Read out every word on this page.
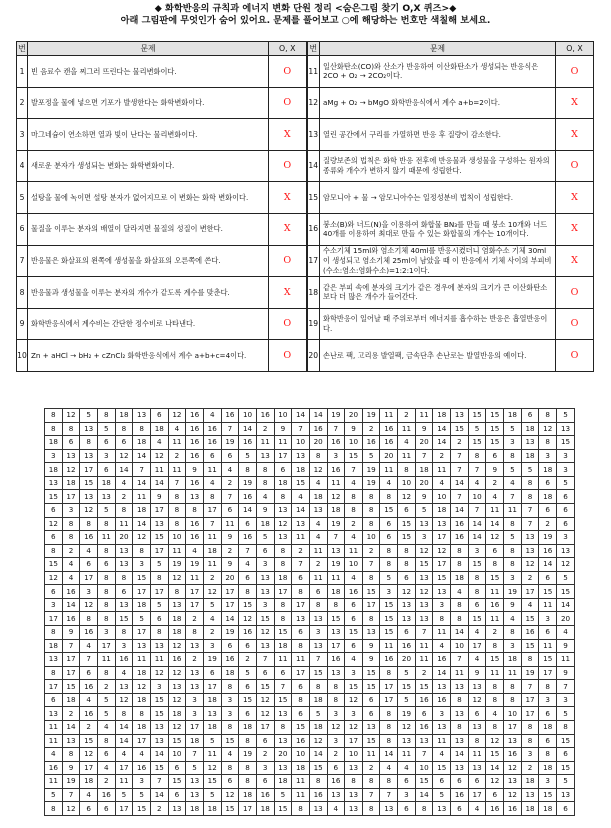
◆ 화학반응의 규칙과 에너지 변화 단원 정리 <숨은그림 찾기 O,X 퀴즈>◆
아래 그림판에 무엇인가 숨어 있어요. 문제를 풀어보고 ○에 해당하는 번호만 색칠해 보세요.
번	문제	O, X	번	문제	O, X
1	빈 음료수 캔을 찌그러 뜨린다는 물리변화이다.	O	11	일산화탄소(CO)와 산소가 반응하여 이산화탄소가 생성되는 반응식은 2CO + O₂ → 2CO₂이다.	O
2	발포정을 물에 넣으면 기포가 발생한다는 화학변화이다.	O	12	aMg + O₂ → bMgO 화학반응식에서 계수 a+b=2이다.	X
3	마그네슘이 연소하면 열과 빛이 난다는 물리변화이다.	X	13	열린 공간에서 구리를 가열하면 반응 후 질량이 감소한다.	X
4	새로운 분자가 생성되는 변화는 화학변화이다.	O	14	질량보존의 법칙은 화학 반응 전후에 반응물과 생성물을 구성하는 원자의 종류와 개수가 변하지 않기 때문에 성립한다.	O
5	설탕을 물에 녹이면 설탕 분자가 없어지므로 이 변화는 화학 변화이다.	X	15	암모니아 + 물 → 암모니아수는 일정성분비 법칙이 성립한다.	X
6	물질을 이루는 분자의 배열이 달라지면 물질의 성질이 변한다.	X	16	붕소(B)와 너드(N)을 이용하여 화합물 BN₃를 만들 때 붕소 10개와 너드 40개를 이용하여 최대로 만들 수 있는 화합물의 개수는 10개이다.	X
7	반응물은 화살표의 왼쪽에 생성물을 화살표의 오른쪽에 쓴다.	O	17	수소기체 15ml와 염소기체 40ml를 반응시켰더니 염화수소 기체 30ml이 생성되고 염소기체 25ml이 남았을 때 이 반응에서 기체 사이의 부피비(수소:염소:염화수소)=1:2:1이다.	X
8	반응물과 생성물을 이루는 분자의 개수가 같도록 계수를 맞춘다.	X	18	같은 부피 속에 분자의 크기가 같은 경우에 분자의 크기가 큰 이산화탄소보다 더 많은 개수가 들어간다.	O
9	화학반응식에서 계수비는 간단한 정수비로 나타낸다.	O	19	화학반응이 일어날 때 주위로부터 에너지를 흡수하는 반응은 흡열반응이다.	O
10	Zn + aHCl → bH₂ + cZnCl₂ 화학반응식에서 계수 a+b+c=4이다.	O	20	손난로 팩, 고리용 발열팩, 금속단추 손난로는 발열반응의 예이다.	O
8	12	5	8	18	13	6	12	16	4	16	10	16	10	14	14	19	20	19	11	2	11	18	13	15	15	18	6	8	5
8	8	13	5	8	8	18	4	16	16	7	14	2	9	7	16	7	9	2	16	11	9	14	15	5	15	5	18	12	13
18	6	8	6	6	18	4	11	16	16	19	16	11	11	10	20	16	10	16	16	4	20	14	2	15	15	3	13	8	15
3	13	13	3	12	14	12	2	16	6	6	5	13	17	13	8	3	15	5	20	11	7	2	7	8	6	8	18	3	3
18	12	17	6	14	7	11	11	9	11	4	8	8	6	18	12	16	7	19	11	8	18	11	7	7	9	5	5	18	3
13	18	15	18	4	14	14	7	16	4	2	19	8	18	15	4	11	4	19	4	10	20	4	14	4	2	4	8	6	5
15	17	13	13	2	11	9	8	13	8	7	16	4	8	4	18	12	8	8	8	12	9	10	7	10	4	7	8	18	6
6	3	12	5	8	18	17	8	8	17	6	14	9	13	14	13	18	8	8	15	6	5	18	14	7	11	11	7	6	6
12	8	8	8	11	14	13	8	16	7	11	6	18	12	13	4	19	2	8	6	15	13	13	16	14	14	8	7	2	6
6	8	16	11	20	12	15	10	16	11	9	16	5	13	11	4	7	4	10	6	15	3	17	16	14	12	5	13	19	3
8	2	4	8	13	8	17	11	4	18	2	7	6	8	2	11	13	11	2	8	8	12	12	8	3	6	8	13	16	13
15	4	6	6	13	3	5	19	19	11	9	4	3	8	7	2	19	10	7	8	8	15	17	8	15	8	8	12	14	12
12	4	17	8	8	15	8	12	11	2	20	6	13	18	6	11	11	4	8	5	6	13	15	18	8	15	3	2	6	5
6	16	3	8	6	17	17	8	17	12	17	8	13	17	8	6	18	16	15	3	12	12	13	4	8	11	19	17	15	15
3	14	12	8	13	18	5	13	17	5	17	15	3	8	17	8	8	6	17	15	13	13	3	8	6	16	9	4	11	14
17	16	8	8	15	5	6	18	2	4	14	12	15	8	13	13	15	6	8	15	13	13	8	8	15	11	4	15	3	20
8	9	16	3	8	17	8	18	8	2	19	16	12	15	6	3	13	15	13	15	6	7	11	14	4	2	8	16	6	4
18	7	4	17	3	13	13	12	13	3	6	6	13	18	8	13	17	6	9	11	16	11	4	10	17	8	3	15	11	9
13	17	7	11	16	11	11	16	2	19	16	2	7	11	11	7	16	4	9	16	20	11	16	7	4	15	18	8	15	11
8	17	6	8	4	18	12	12	13	6	18	5	6	6	17	15	13	3	15	8	5	2	14	11	9	11	11	19	17	9
17	15	16	2	13	12	3	13	13	17	8	6	15	7	6	8	8	15	15	17	15	15	13	13	13	8	8	7	8	7
6	18	4	5	12	18	15	12	3	18	3	15	12	15	8	18	8	12	6	17	5	16	16	8	12	8	8	17	3	3
13	2	16	5	8	8	15	18	3	13	3	6	12	13	6	5	3	3	6	8	19	6	3	13	6	4	10	17	6	5
11	14	2	4	14	18	13	12	17	18	8	18	17	8	15	18	12	12	13	8	12	16	13	8	13	8	17	8	18	8
11	13	15	8	14	17	13	15	18	5	15	8	6	13	16	12	3	17	15	8	13	13	11	13	8	12	13	8	6	15
4	8	12	6	4	4	14	10	7	11	4	19	2	20	10	14	2	10	11	14	11	7	4	14	11	15	16	3	8	6
16	9	17	4	17	16	15	6	5	12	8	8	3	13	18	15	6	13	2	4	4	10	15	13	13	14	12	2	18	15
11	19	18	2	11	3	7	15	13	15	6	8	6	18	11	8	16	8	8	8	6	15	6	6	6	12	13	18	3	5
5	7	4	16	5	5	14	6	13	5	12	18	16	5	11	16	13	13	7	7	3	14	5	16	17	6	12	13	15	13
8	12	6	6	17	15	2	13	18	18	15	17	18	15	8	13	4	13	8	13	6	8	13	6	4	16	16	18	18	6
